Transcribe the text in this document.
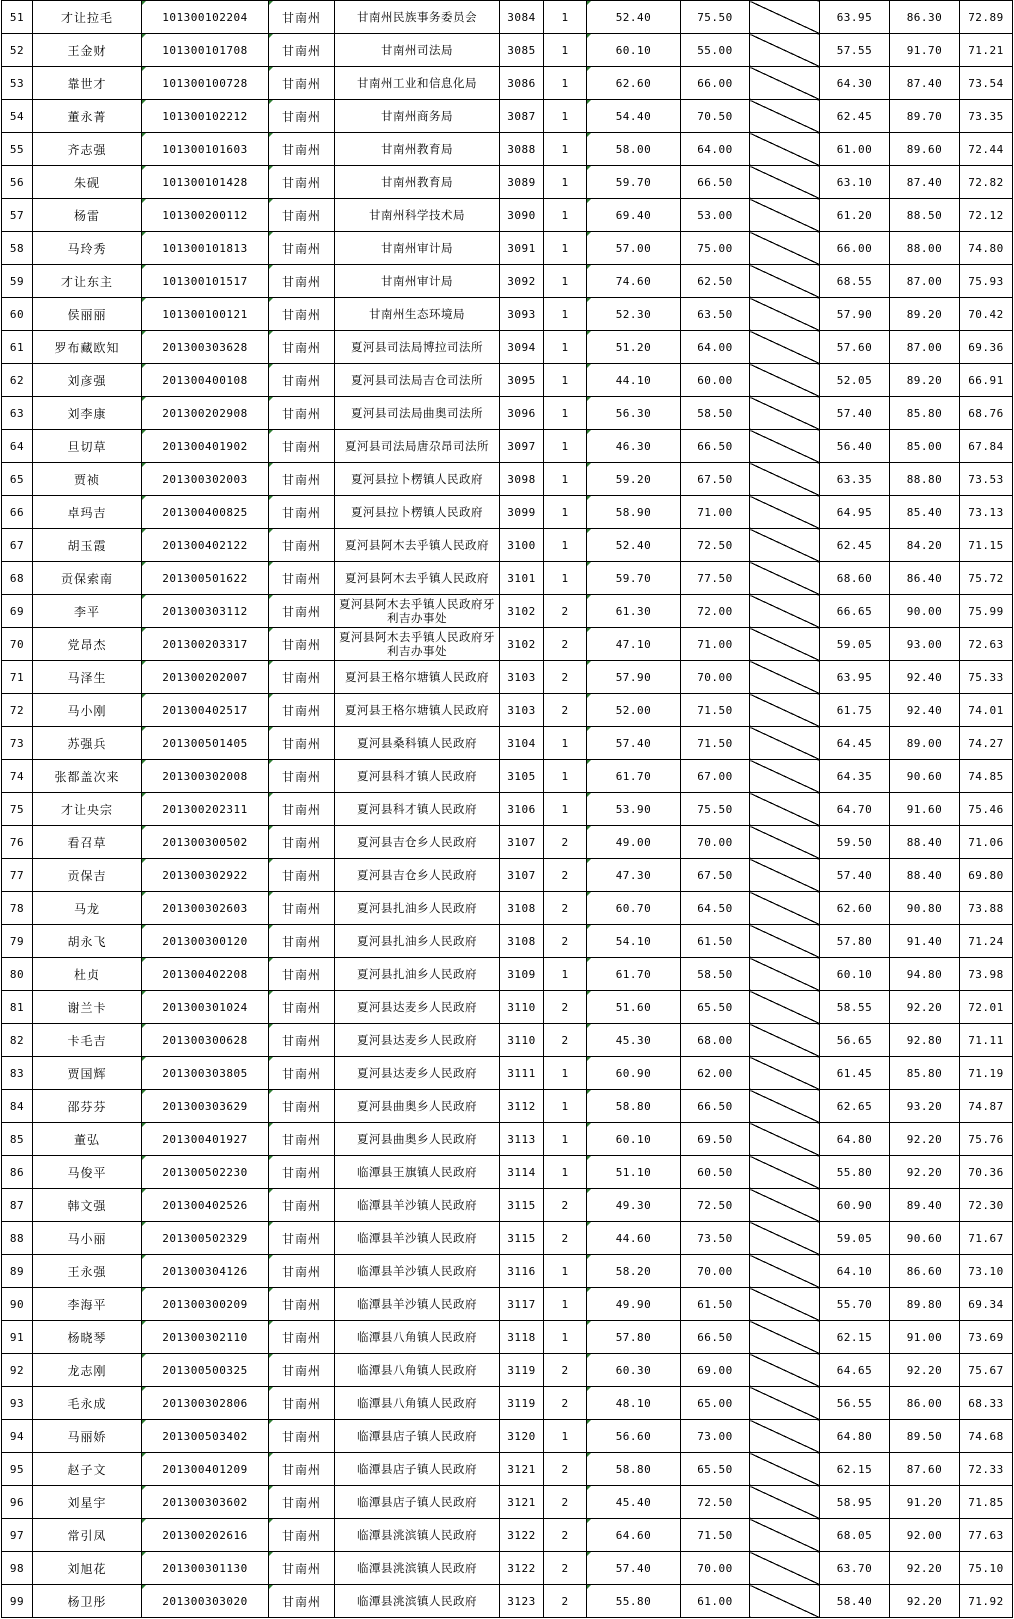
51	才让拉毛	101300102204	甘南州	甘南州民族事务委员会	3084	1	52.40	75.50		63.95	86.30	72.89
52	王金财	101300101708	甘南州	甘南州司法局	3085	1	60.10	55.00		57.55	91.70	71.21
53	靠世才	101300100728	甘南州	甘南州工业和信息化局	3086	1	62.60	66.00		64.30	87.40	73.54
54	董永菁	101300102212	甘南州	甘南州商务局	3087	1	54.40	70.50		62.45	89.70	73.35
55	齐志强	101300101603	甘南州	甘南州教育局	3088	1	58.00	64.00		61.00	89.60	72.44
56	朱砚	101300101428	甘南州	甘南州教育局	3089	1	59.70	66.50		63.10	87.40	72.82
57	杨雷	101300200112	甘南州	甘南州科学技术局	3090	1	69.40	53.00		61.20	88.50	72.12
58	马玲秀	101300101813	甘南州	甘南州审计局	3091	1	57.00	75.00		66.00	88.00	74.80
59	才让东主	101300101517	甘南州	甘南州审计局	3092	1	74.60	62.50		68.55	87.00	75.93
60	侯丽丽	101300100121	甘南州	甘南州生态环境局	3093	1	52.30	63.50		57.90	89.20	70.42
61	罗布藏欧知	201300303628	甘南州	夏河县司法局博拉司法所	3094	1	51.20	64.00		57.60	87.00	69.36
62	刘彦强	201300400108	甘南州	夏河县司法局吉仓司法所	3095	1	44.10	60.00		52.05	89.20	66.91
63	刘李康	201300202908	甘南州	夏河县司法局曲奥司法所	3096	1	56.30	58.50		57.40	85.80	68.76
64	旦切草	201300401902	甘南州	夏河县司法局唐尕昂司法所	3097	1	46.30	66.50		56.40	85.00	67.84
65	贾祯	201300302003	甘南州	夏河县拉卜楞镇人民政府	3098	1	59.20	67.50		63.35	88.80	73.53
66	卓玛吉	201300400825	甘南州	夏河县拉卜楞镇人民政府	3099	1	58.90	71.00		64.95	85.40	73.13
67	胡玉霞	201300402122	甘南州	夏河县阿木去乎镇人民政府	3100	1	52.40	72.50		62.45	84.20	71.15
68	贡保索南	201300501622	甘南州	夏河县阿木去乎镇人民政府	3101	1	59.70	77.50		68.60	86.40	75.72
69	李平	201300303112	甘南州	夏河县阿木去乎镇人民政府牙利吉办事处	3102	2	61.30	72.00		66.65	90.00	75.99
70	党昂杰	201300203317	甘南州	夏河县阿木去乎镇人民政府牙利吉办事处	3102	2	47.10	71.00		59.05	93.00	72.63
71	马泽生	201300202007	甘南州	夏河县王格尔塘镇人民政府	3103	2	57.90	70.00		63.95	92.40	75.33
72	马小刚	201300402517	甘南州	夏河县王格尔塘镇人民政府	3103	2	52.00	71.50		61.75	92.40	74.01
73	苏强兵	201300501405	甘南州	夏河县桑科镇人民政府	3104	1	57.40	71.50		64.45	89.00	74.27
74	张都盖次来	201300302008	甘南州	夏河县科才镇人民政府	3105	1	61.70	67.00		64.35	90.60	74.85
75	才让央宗	201300202311	甘南州	夏河县科才镇人民政府	3106	1	53.90	75.50		64.70	91.60	75.46
76	看召草	201300300502	甘南州	夏河县吉仓乡人民政府	3107	2	49.00	70.00		59.50	88.40	71.06
77	贡保吉	201300302922	甘南州	夏河县吉仓乡人民政府	3107	2	47.30	67.50		57.40	88.40	69.80
78	马龙	201300302603	甘南州	夏河县扎油乡人民政府	3108	2	60.70	64.50		62.60	90.80	73.88
79	胡永飞	201300300120	甘南州	夏河县扎油乡人民政府	3108	2	54.10	61.50		57.80	91.40	71.24
80	杜贞	201300402208	甘南州	夏河县扎油乡人民政府	3109	1	61.70	58.50		60.10	94.80	73.98
81	谢兰卡	201300301024	甘南州	夏河县达麦乡人民政府	3110	2	51.60	65.50		58.55	92.20	72.01
82	卡毛吉	201300300628	甘南州	夏河县达麦乡人民政府	3110	2	45.30	68.00		56.65	92.80	71.11
83	贾国辉	201300303805	甘南州	夏河县达麦乡人民政府	3111	1	60.90	62.00		61.45	85.80	71.19
84	邵芬芬	201300303629	甘南州	夏河县曲奥乡人民政府	3112	1	58.80	66.50		62.65	93.20	74.87
85	董弘	201300401927	甘南州	夏河县曲奥乡人民政府	3113	1	60.10	69.50		64.80	92.20	75.76
86	马俊平	201300502230	甘南州	临潭县王旗镇人民政府	3114	1	51.10	60.50		55.80	92.20	70.36
87	韩文强	201300402526	甘南州	临潭县羊沙镇人民政府	3115	2	49.30	72.50		60.90	89.40	72.30
88	马小丽	201300502329	甘南州	临潭县羊沙镇人民政府	3115	2	44.60	73.50		59.05	90.60	71.67
89	王永强	201300304126	甘南州	临潭县羊沙镇人民政府	3116	1	58.20	70.00		64.10	86.60	73.10
90	李海平	201300300209	甘南州	临潭县羊沙镇人民政府	3117	1	49.90	61.50		55.70	89.80	69.34
91	杨晓琴	201300302110	甘南州	临潭县八角镇人民政府	3118	1	57.80	66.50		62.15	91.00	73.69
92	龙志刚	201300500325	甘南州	临潭县八角镇人民政府	3119	2	60.30	69.00		64.65	92.20	75.67
93	毛永成	201300302806	甘南州	临潭县八角镇人民政府	3119	2	48.10	65.00		56.55	86.00	68.33
94	马丽娇	201300503402	甘南州	临潭县店子镇人民政府	3120	1	56.60	73.00		64.80	89.50	74.68
95	赵子文	201300401209	甘南州	临潭县店子镇人民政府	3121	2	58.80	65.50		62.15	87.60	72.33
96	刘星宇	201300303602	甘南州	临潭县店子镇人民政府	3121	2	45.40	72.50		58.95	91.20	71.85
97	常引凤	201300202616	甘南州	临潭县洮滨镇人民政府	3122	2	64.60	71.50		68.05	92.00	77.63
98	刘旭花	201300301130	甘南州	临潭县洮滨镇人民政府	3122	2	57.40	70.00		63.70	92.20	75.10
99	杨卫彤	201300303020	甘南州	临潭县洮滨镇人民政府	3123	2	55.80	61.00		58.40	92.20	71.92
